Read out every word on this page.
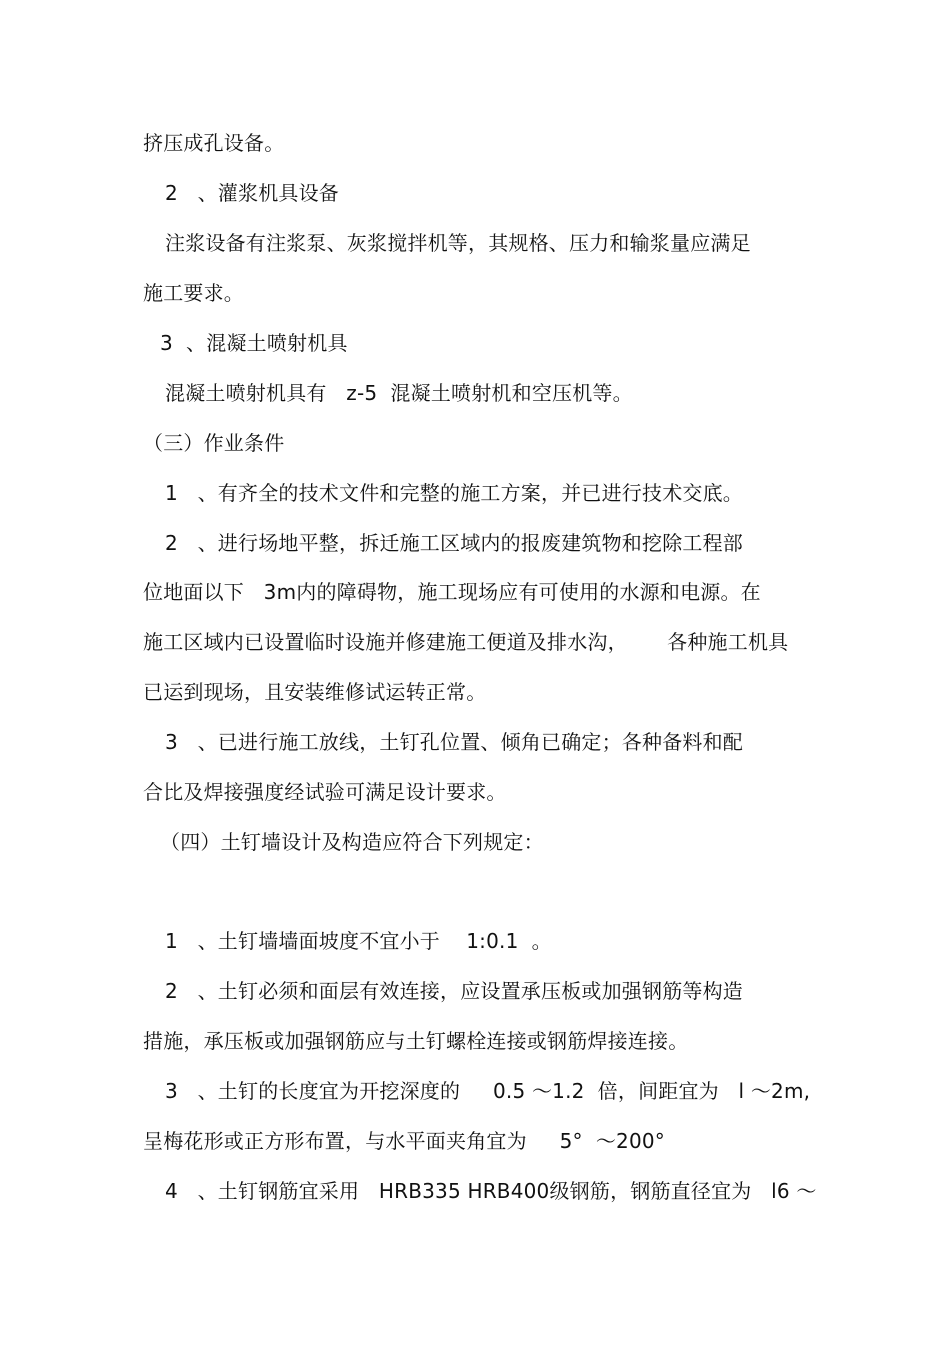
挤压成孔设备。
2   、灌浆机具设备
注浆设备有注浆泵、灰浆搅拌机等，其规格、压力和输浆量应满足
施工要求。
3  、混凝土喷射机具
混凝土喷射机具有   z-5  混凝土喷射机和空压机等。
（三）作业条件
1   、有齐全的技术文件和完整的施工方案，并已进行技术交底。
2   、进行场地平整，拆迁施工区域内的报废建筑物和挖除工程部
位地面以下   3m内的障碍物，施工现场应有可使用的水源和电源。在
施工区域内已设置临时设施并修建施工便道及排水沟，      各种施工机具
已运到现场，且安装维修试运转正常。
3   、已进行施工放线，土钉孔位置、倾角已确定；各种备料和配
合比及焊接强度经试验可满足设计要求。
（四）土钉墙设计及构造应符合下列规定：
1   、土钉墙墙面坡度不宜小于    1:0.1  。
2   、土钉必须和面层有效连接，应设置承压板或加强钢筋等构造
措施，承压板或加强钢筋应与土钉螺栓连接或钢筋焊接连接。
3   、土钉的长度宜为开挖深度的     0.5 ～1.2  倍，间距宜为   l ～2m,
呈梅花形或正方形布置，与水平面夹角宜为     5°  ～200°
4   、土钉钢筋宜采用   HRB335 HRB400级钢筋，钢筋直径宜为   l6 ～
